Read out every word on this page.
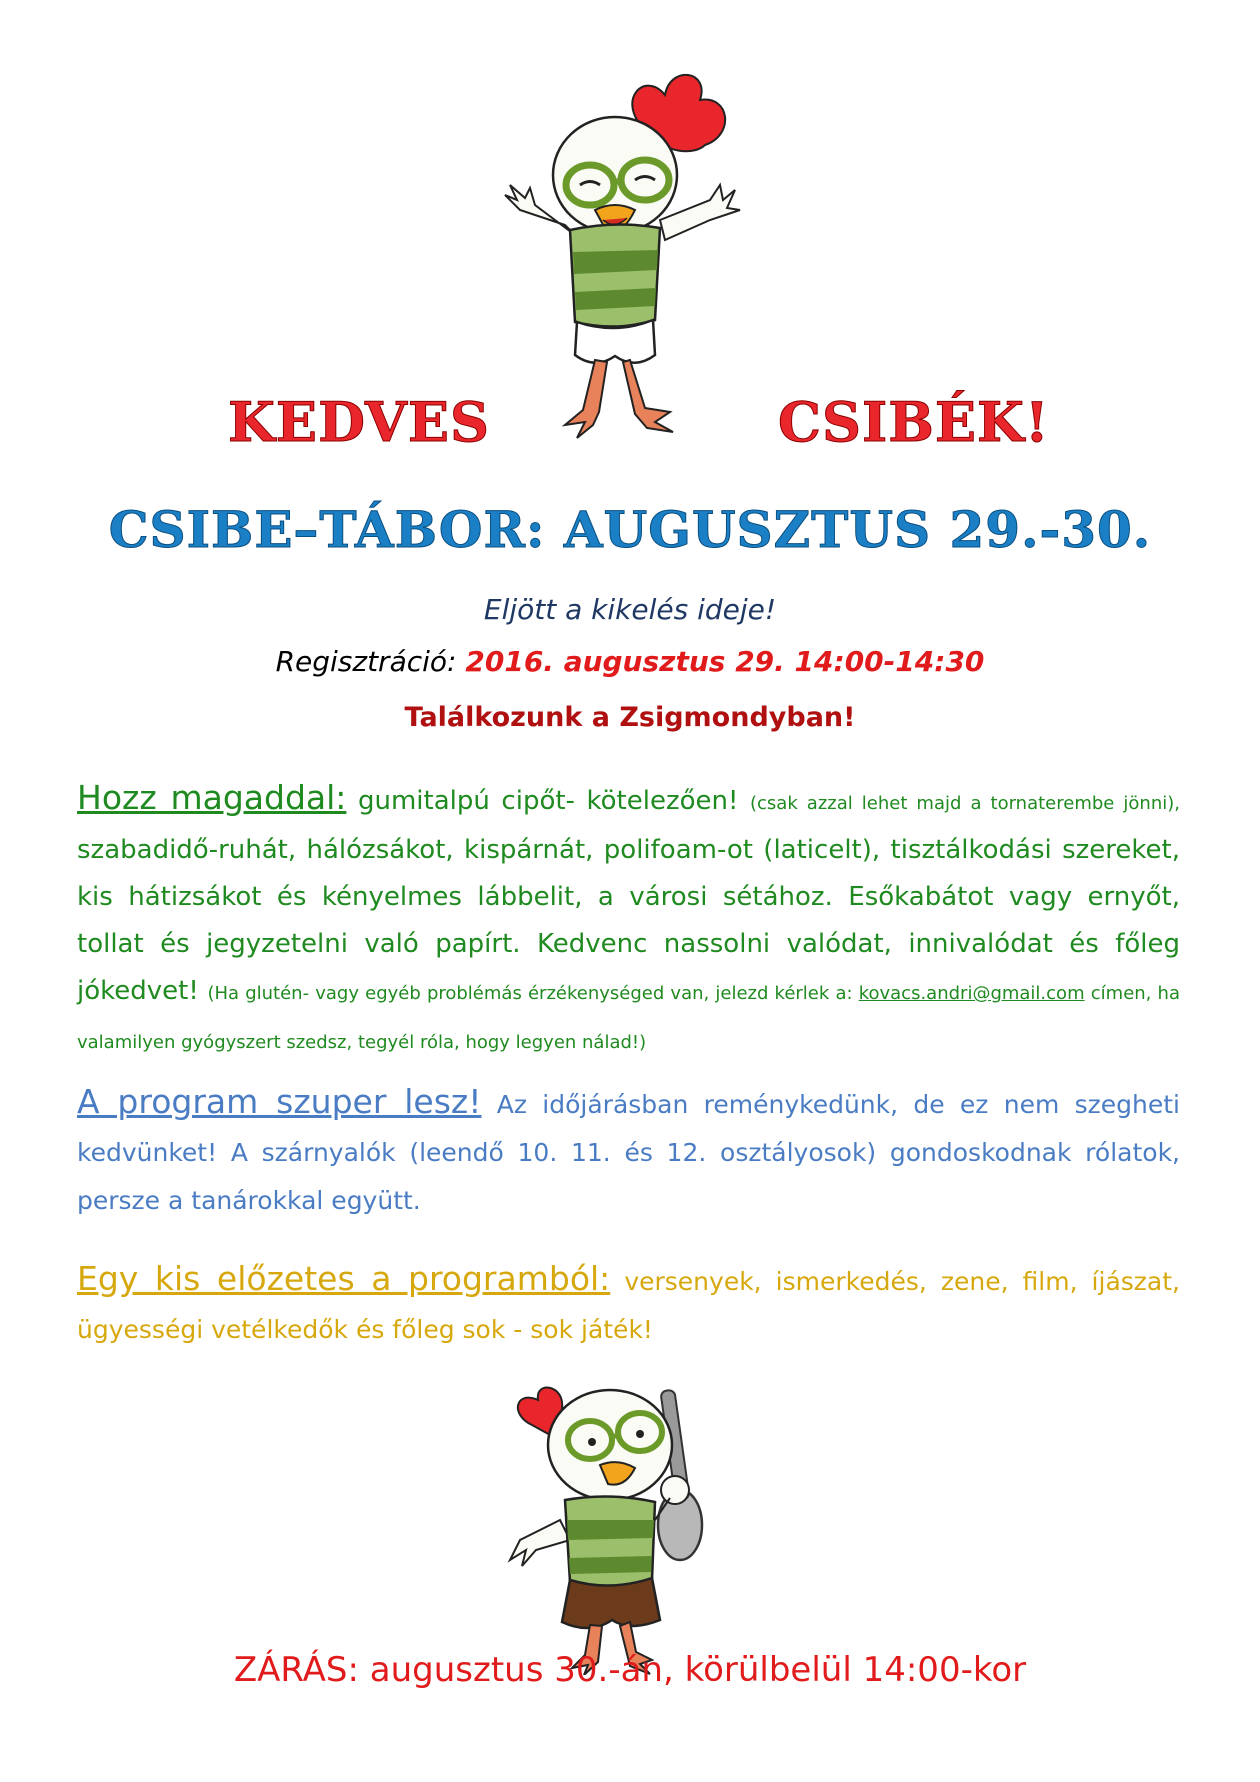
KEDVES	CSIBÉK!
CSIBE–TÁBOR: AUGUSZTUS 29.-30.
Eljött a kikelés ideje!
Regisztráció: 2016. augusztus 29. 14:00-14:30
Találkozunk a Zsigmondyban!
Hozz magaddal: gumitalpú cipőt- kötelezően! (csak azzal lehet majd a tornaterembe jönni), szabadidő-ruhát, hálózsákot, kispárnát, polifoam-ot (laticelt), tisztálkodási szereket, kis hátizsákot és kényelmes lábbelit, a városi sétához. Esőkabátot vagy ernyőt, tollat és jegyzetelni való papírt. Kedvenc nassolni valódat, innivalódat és főleg jókedvet! (Ha glutén- vagy egyéb problémás érzékenységed van, jelezd kérlek a: kovacs.andri@gmail.com címen, ha valamilyen gyógyszert szedsz, tegyél róla, hogy legyen nálad!)
A program szuper lesz! Az időjárásban reménykedünk, de ez nem szegheti kedvünket! A szárnyalók (leendő 10. 11. és 12. osztályosok) gondoskodnak rólatok, persze a tanárokkal együtt.
Egy kis előzetes a programból: versenyek, ismerkedés, zene, film, íjászat, ügyességi vetélkedők és főleg sok - sok játék!
ZÁRÁS: augusztus 30.-án, körülbelül 14:00-kor
